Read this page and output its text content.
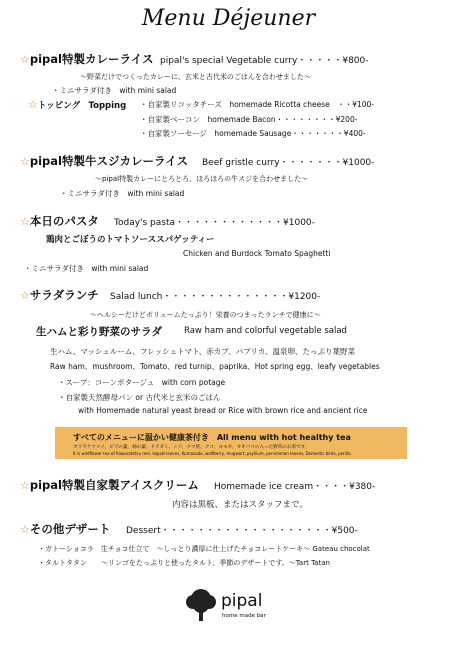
Menu Déjeuner
☆pipal特製カレーライス pipal's special Vegetable curry・・・・・¥800-
〜野菜だけでつくったカレーに、玄米と古代米のごはんを合わせました〜
・ミニサラダ付き　with mini salad
☆トッピング　Topping ・自家製リコッタチーズ　homemade Ricotta cheese　・・¥100-
・自家製ベーコン　homemade Bacon・・・・・・・・¥200-
・自家製ソーセージ　homemade Sausage・・・・・・・¥400-
☆pipal特製牛スジカレーライス Beef gristle curry・・・・・・・¥1000-
〜pipal特製カレーにとろとろ、ほろほろの牛スジを合わせました〜
・ミニサラダ付き　with mini salad
☆本日のパスタ Today's pasta・・・・・・・・・・・・¥1000-
鶏肉とごぼうのトマトソーススパゲッティー
Chicken and Burdock Tomato Spaghetti
・ミニサラダ付き　with mini salad
☆サラダランチ Salad lunch・・・・・・・・・・・・・・¥1200-
〜ヘルシーだけどボリュームたっぷり！栄養のつまったランチで健康に〜
生ハムと彩り野菜のサラダ	Raw ham and colorful vegetable salad
生ハム、マッシュルーム、フレッシュトマト、赤カブ、パプリカ、温泉卵、たっぷり葉野菜
Raw ham、mushroom、Tomato、red turnip、paprika、Hot spring egg、leafy vegetables
・スープ：コーンポタージュ　with corn potage
・自家製天然酵母パン or 古代米と玄米のごはん
with Homemade natural yeast bread or Rice with brown rice and ancient rice
すべてのメニューに温かい健康茶付き　All menu with hot healthy tea
カワラケツメイ、ビワの葉、柿の葉、ドクダミ、シソ、クマ笹、クコ、ヨモギ、オオバコの入った野草のお茶です。
It is wildflower tea of Kawaratetsu mei, loquat leaves, Kumasada, wolfberry, mugwort, psyllium, persimmon leaves, Domestic birds, perilla.
☆pipal特製自家製アイスクリーム Homemade ice cream・・・・¥380-
内容は黒板、またはスタッフまで。
☆その他デザート Dessert・・・・・・・・・・・・・・・・・・・¥500-
・ガトーショコラ　生チョコ仕立て　〜しっとり濃厚に仕上げたチョコレートケーキ〜 Gateau chocolat
・タルトタタン　　〜リンゴをたっぷりと使ったタルト、季節のデザートです。〜Tart Tatan
pipal
home made bar
